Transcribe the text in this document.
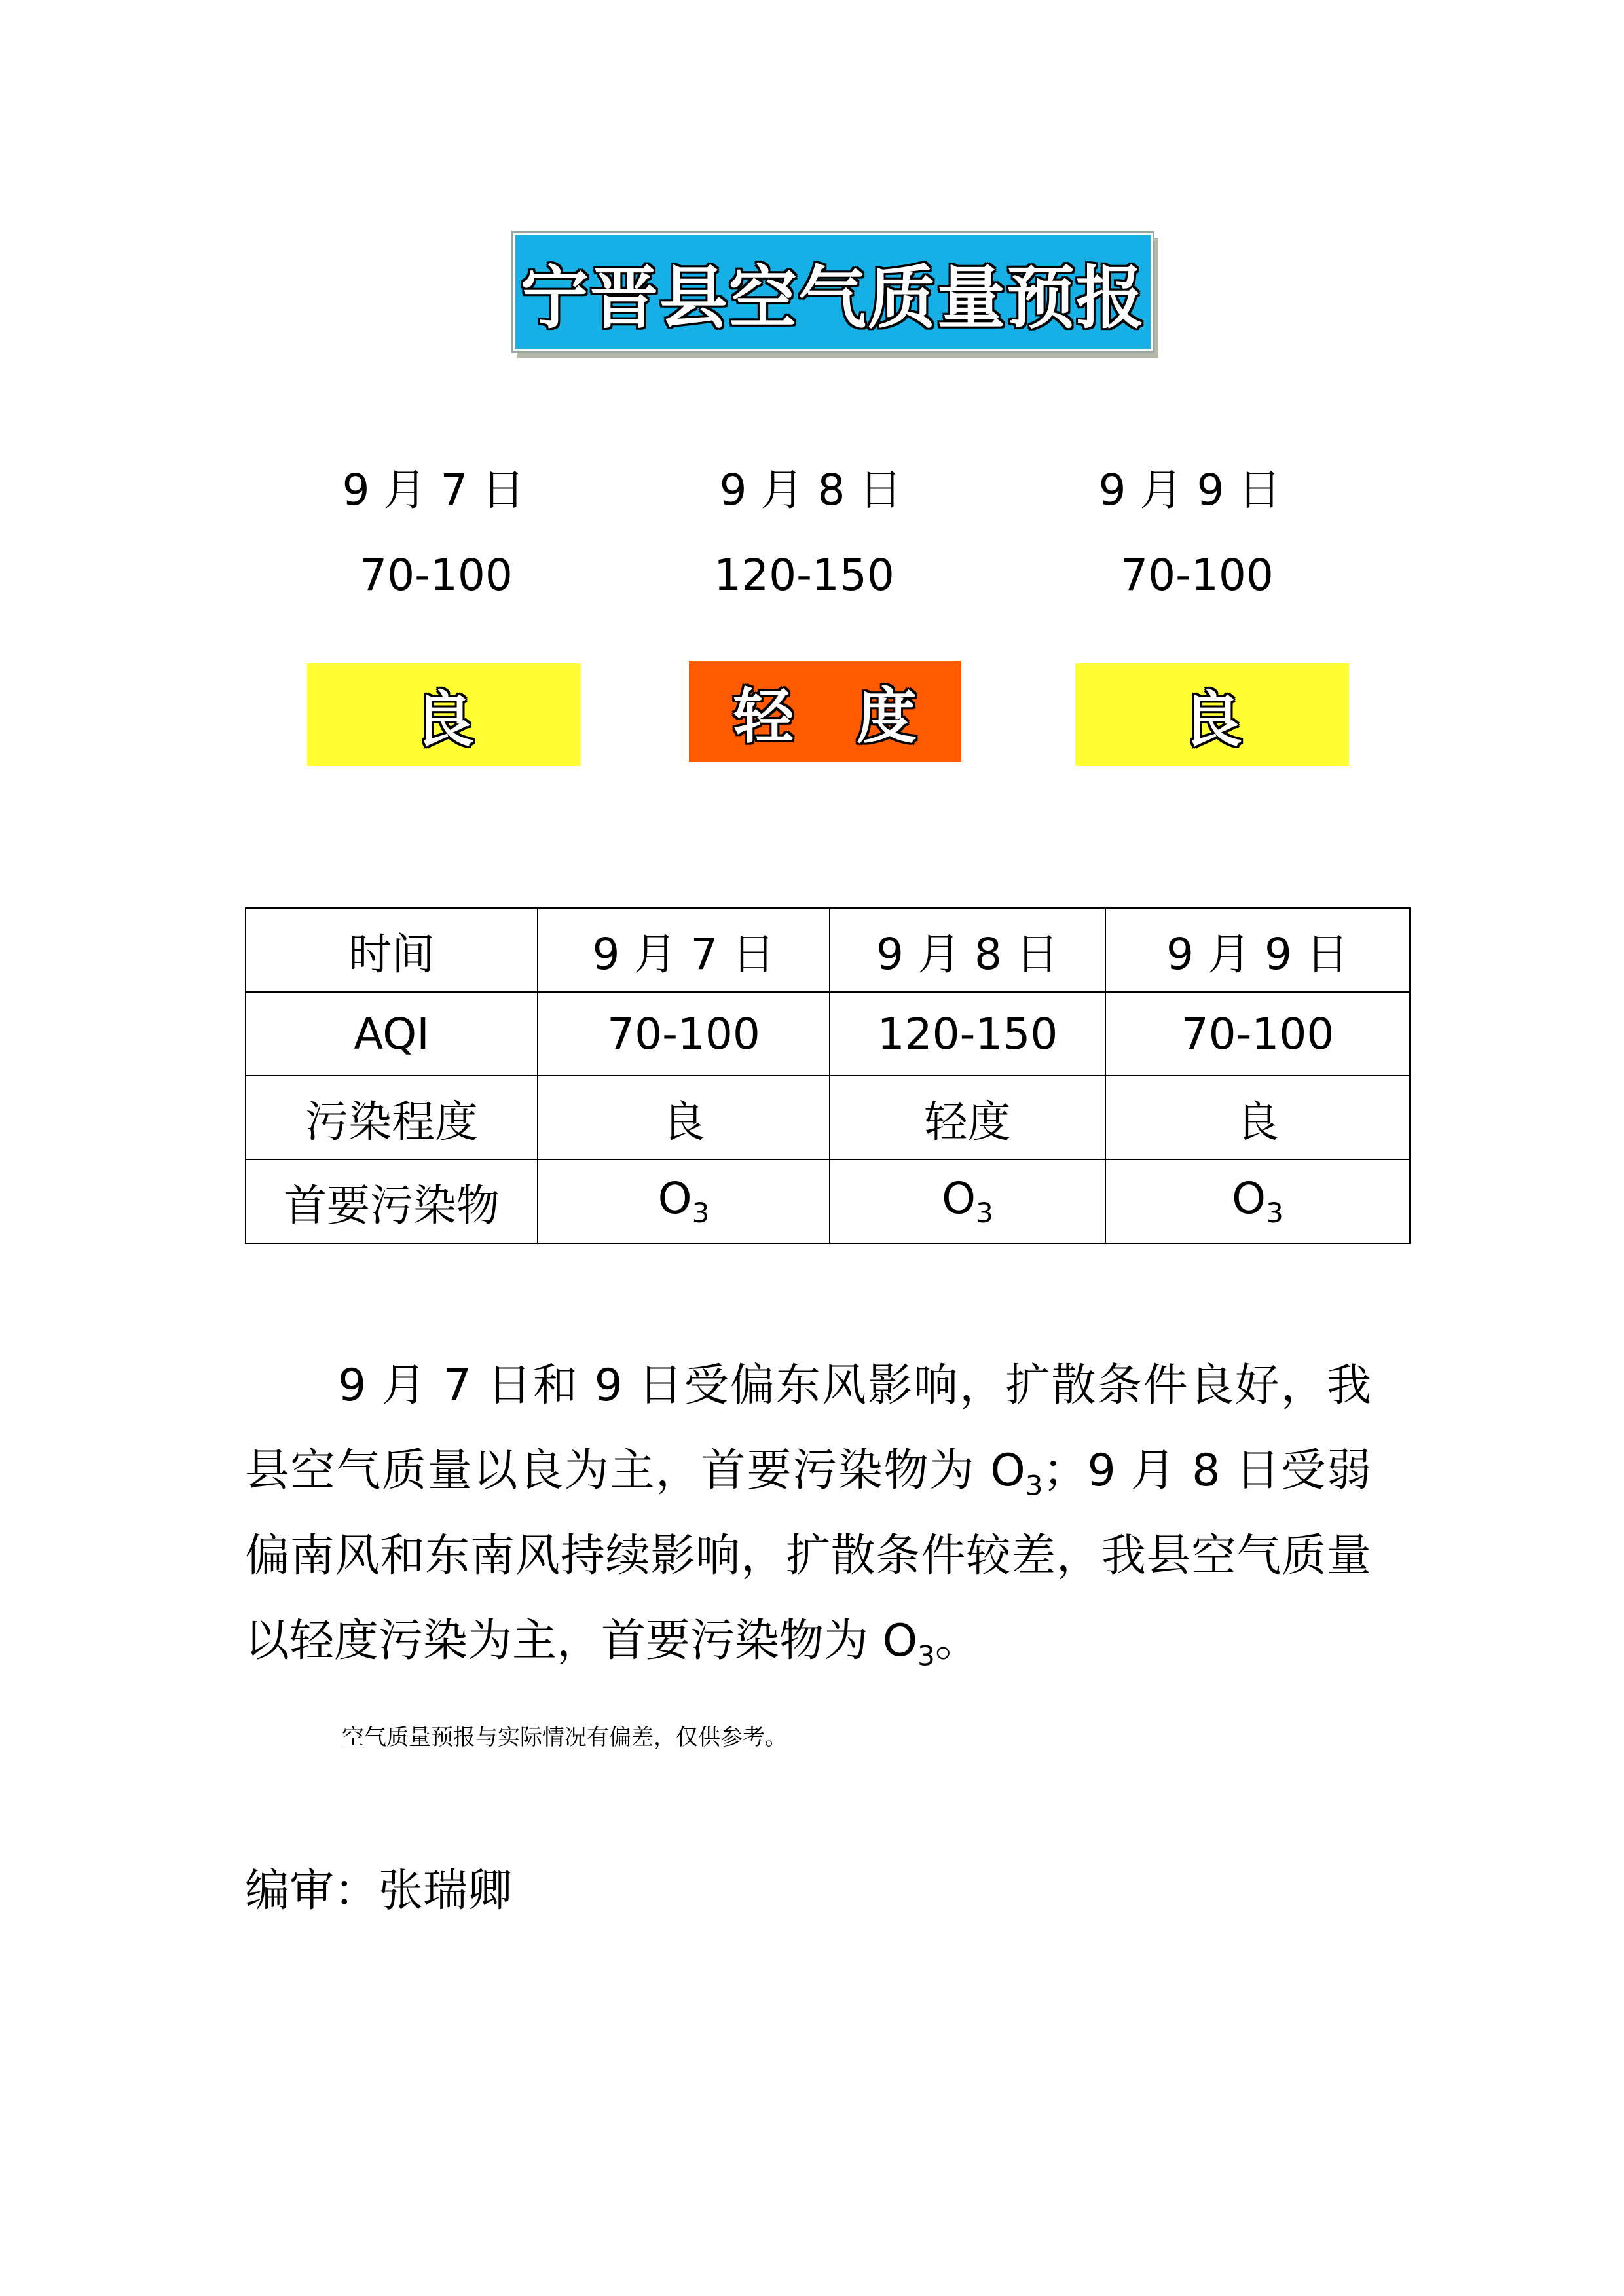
宁晋县空气质量预报
9 月 7 日	9 月 8 日	9 月 9 日
70-100	120-150	70-100
良	轻   度	良
时间	9 月 7 日	9 月 8 日	9 月 9 日
AQI	70-100	120-150	70-100
污染程度	良	轻度	良
首要污染物	$O_3$	$O_3$	$O_3$
9 月 7 日和 9 日受偏东风影响，扩散条件良好，我县空气质量以良为主，首要污染物为 $O_3$；9 月 8 日受弱偏南风和东南风持续影响，扩散条件较差，我县空气质量以轻度污染为主，首要污染物为 $O_3$。
空气质量预报与实际情况有偏差，仅供参考。
编审：张瑞卿
